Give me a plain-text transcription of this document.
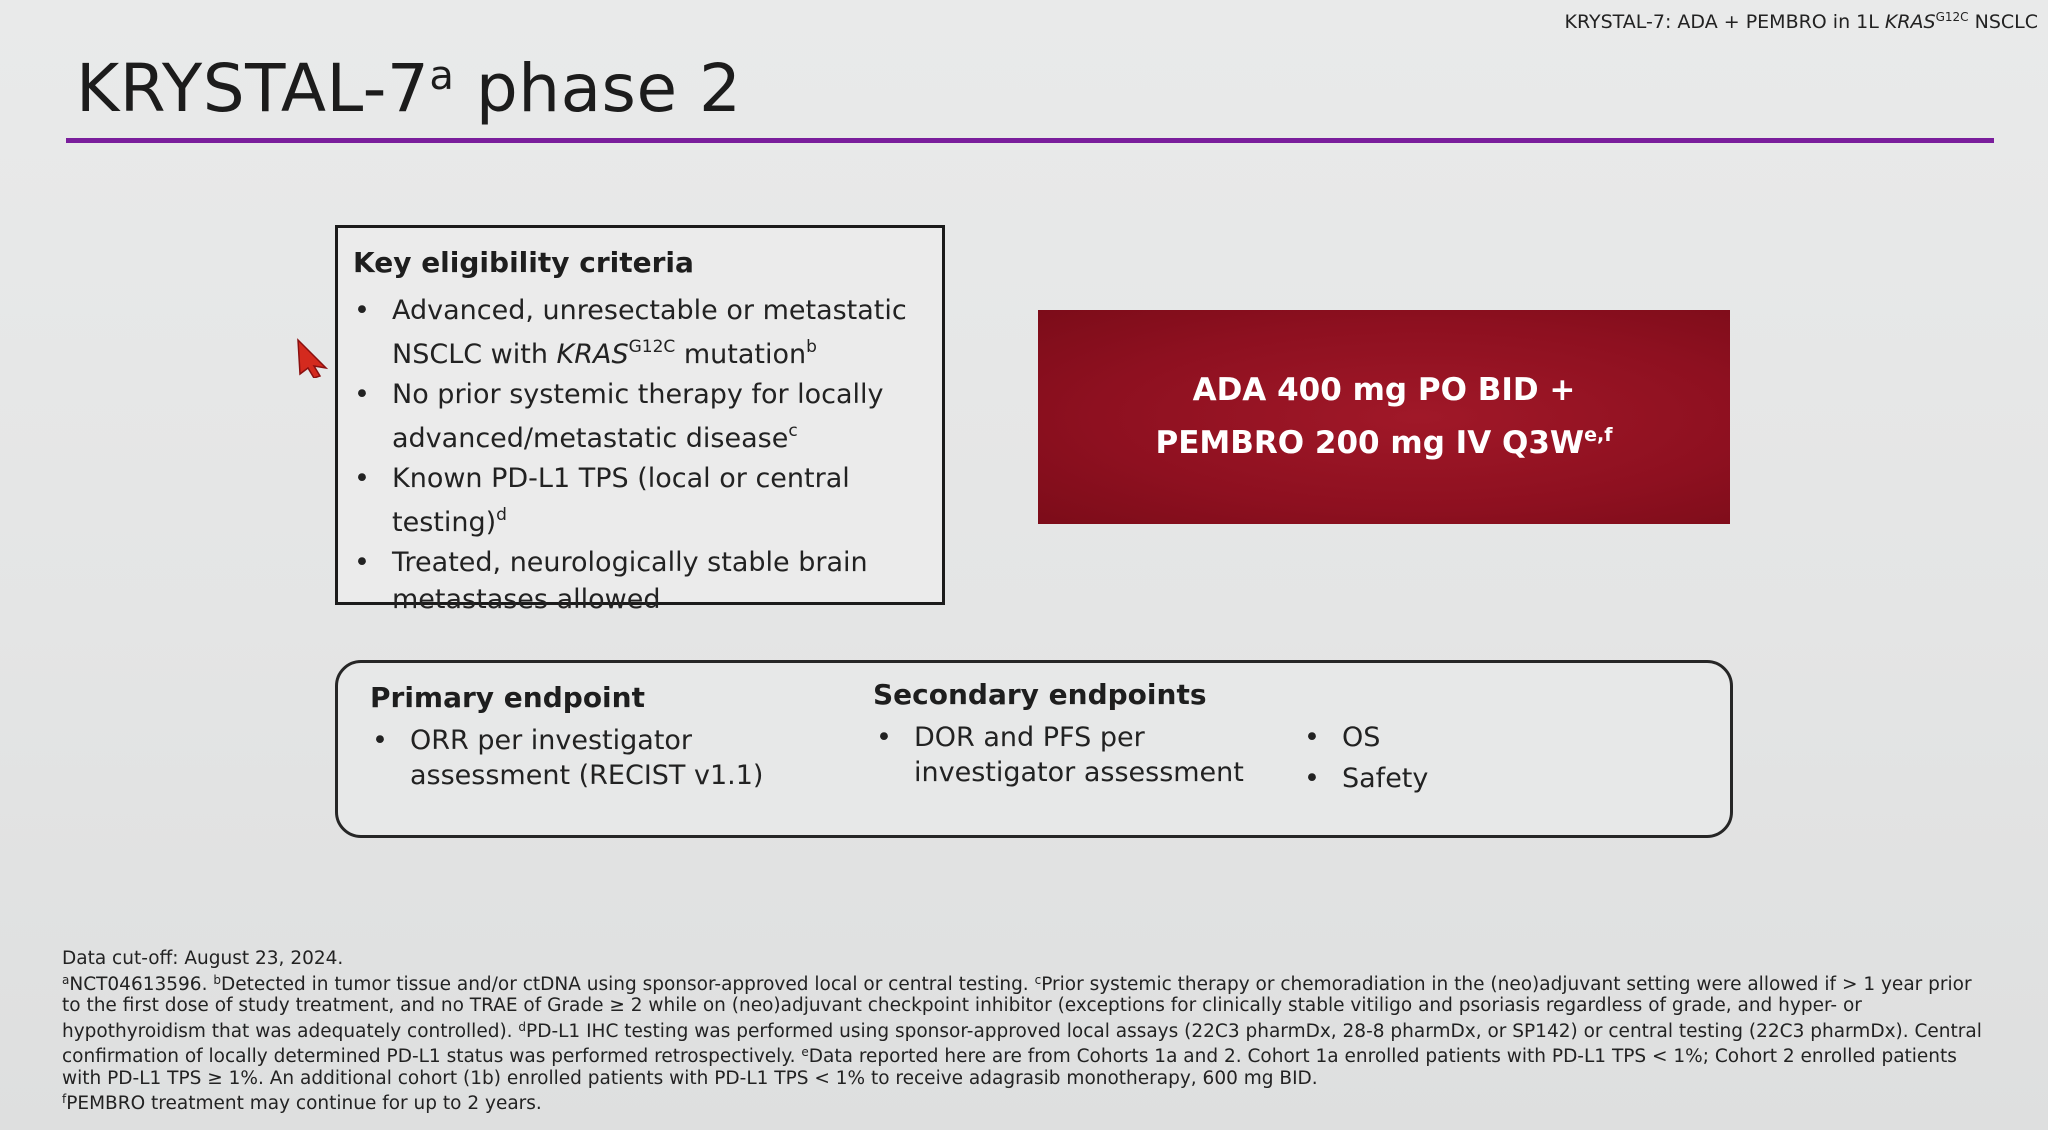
KRYSTAL-7: ADA + PEMBRO in 1L $KRAS^{G12C}$ NSCLC
KRYSTAL-7$^a$ phase 2
Key eligibility criteria
• Advanced, unresectable or metastatic
NSCLC with $KRAS^{G12C}$ mutation$^b$
• No prior systemic therapy for locally
advanced/metastatic disease$^c$
• Known PD-L1 TPS (local or central
testing)$^d$
• Treated, neurologically stable brain
metastases allowed
ADA 400 mg PO BID +
PEMBRO 200 mg IV $Q3W^{e,f}$
Primary endpoint
• ORR per investigator
assessment (RECIST v1.1)
Secondary endpoints
• DOR and PFS per
investigator assessment
• OS
• Safety
Data cut-off: August 23, 2024.
$^a$NCT04613596. $^b$Detected in tumor tissue and/or ctDNA using sponsor-approved local or central testing. $^c$Prior systemic therapy or chemoradiation in the (neo)adjuvant setting were allowed if > 1 year prior to the first dose of study treatment, and no TRAE of Grade ≥ 2 while on (neo)adjuvant checkpoint inhibitor (exceptions for clinically stable vitiligo and psoriasis regardless of grade, and hyper- or hypothyroidism that was adequately controlled). $^d$PD-L1 IHC testing was performed using sponsor-approved local assays (22C3 pharmDx, 28-8 pharmDx, or SP142) or central testing (22C3 pharmDx). Central confirmation of locally determined PD-L1 status was performed retrospectively. $^e$Data reported here are from Cohorts 1a and 2. Cohort 1a enrolled patients with PD-L1 TPS < 1%; Cohort 2 enrolled patients with PD-L1 TPS ≥ 1%. An additional cohort (1b) enrolled patients with PD-L1 TPS < 1% to receive adagrasib monotherapy, 600 mg BID.
$^f$PEMBRO treatment may continue for up to 2 years.
